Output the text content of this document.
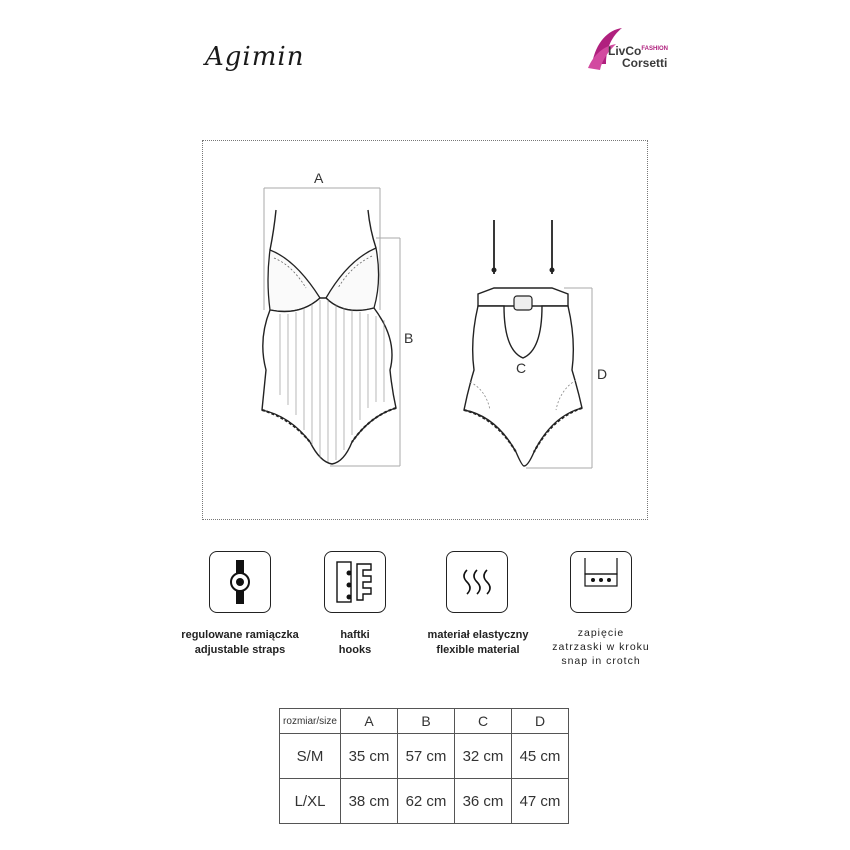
Agimin	LivCo$^{FASHION}$
Corsetti
A
B
C	D
regulowane ramiączka
adjustable straps
haftki
hooks
materiał elastyczny
flexible material
zapięcie
zatrzaski w kroku
snap in crotch
rozmiar/size	A	B	C	D
S/M	35 cm	57 cm	32 cm	45 cm
L/XL	38 cm	62 cm	36 cm	47 cm
